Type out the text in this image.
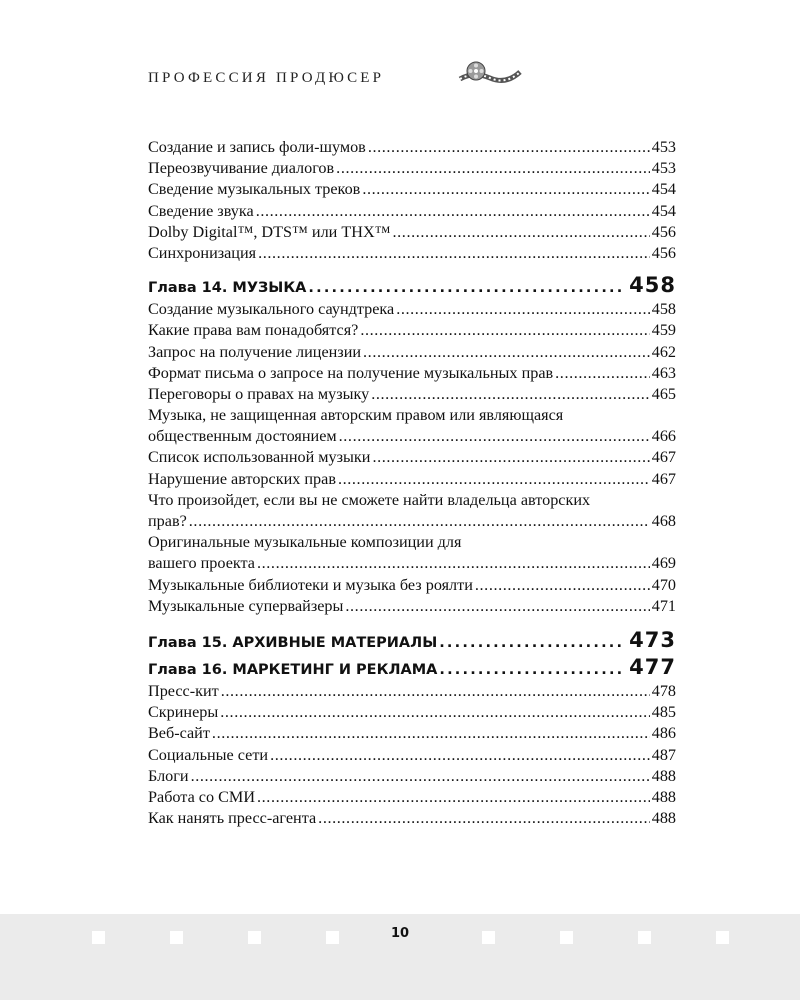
ПРОФЕССИЯ ПРОДЮСЕР
Создание и запись фоли-шумов .....	453
Переозвучивание диалогов .....	453
Сведение музыкальных треков .....	454
Сведение звука .....	454
Dolby Digital™, DTS™ или THX™ .....	456
Синхронизация .....	456
Глава 14. МУЗЫКА .....	458
Создание музыкального саундтрека .....	458
Какие права вам понадобятся? .....	459
Запрос на получение лицензии .....	462
Формат письма о запросе на получение музыкальных прав .....	463
Переговоры о правах на музыку .....	465
Музыка, не защищенная авторским правом или являющаяся
общественным достоянием .....	466
Список использованной музыки .....	467
Нарушение авторских прав .....	467
Что произойдет, если вы не сможете найти владельца авторских
прав? .....	468
Оригинальные музыкальные композиции для
вашего проекта .....	469
Музыкальные библиотеки и музыка без роялти .....	470
Музыкальные супервайзеры .....	471
Глава 15. АРХИВНЫЕ МАТЕРИАЛЫ .....	473
Глава 16. МАРКЕТИНГ И РЕКЛАМА .....	477
Пресс-кит .....	478
Скринеры .....	485
Веб-сайт .....	486
Социальные сети .....	487
Блоги .....	488
Работа со СМИ .....	488
Как нанять пресс-агента .....	488
10
